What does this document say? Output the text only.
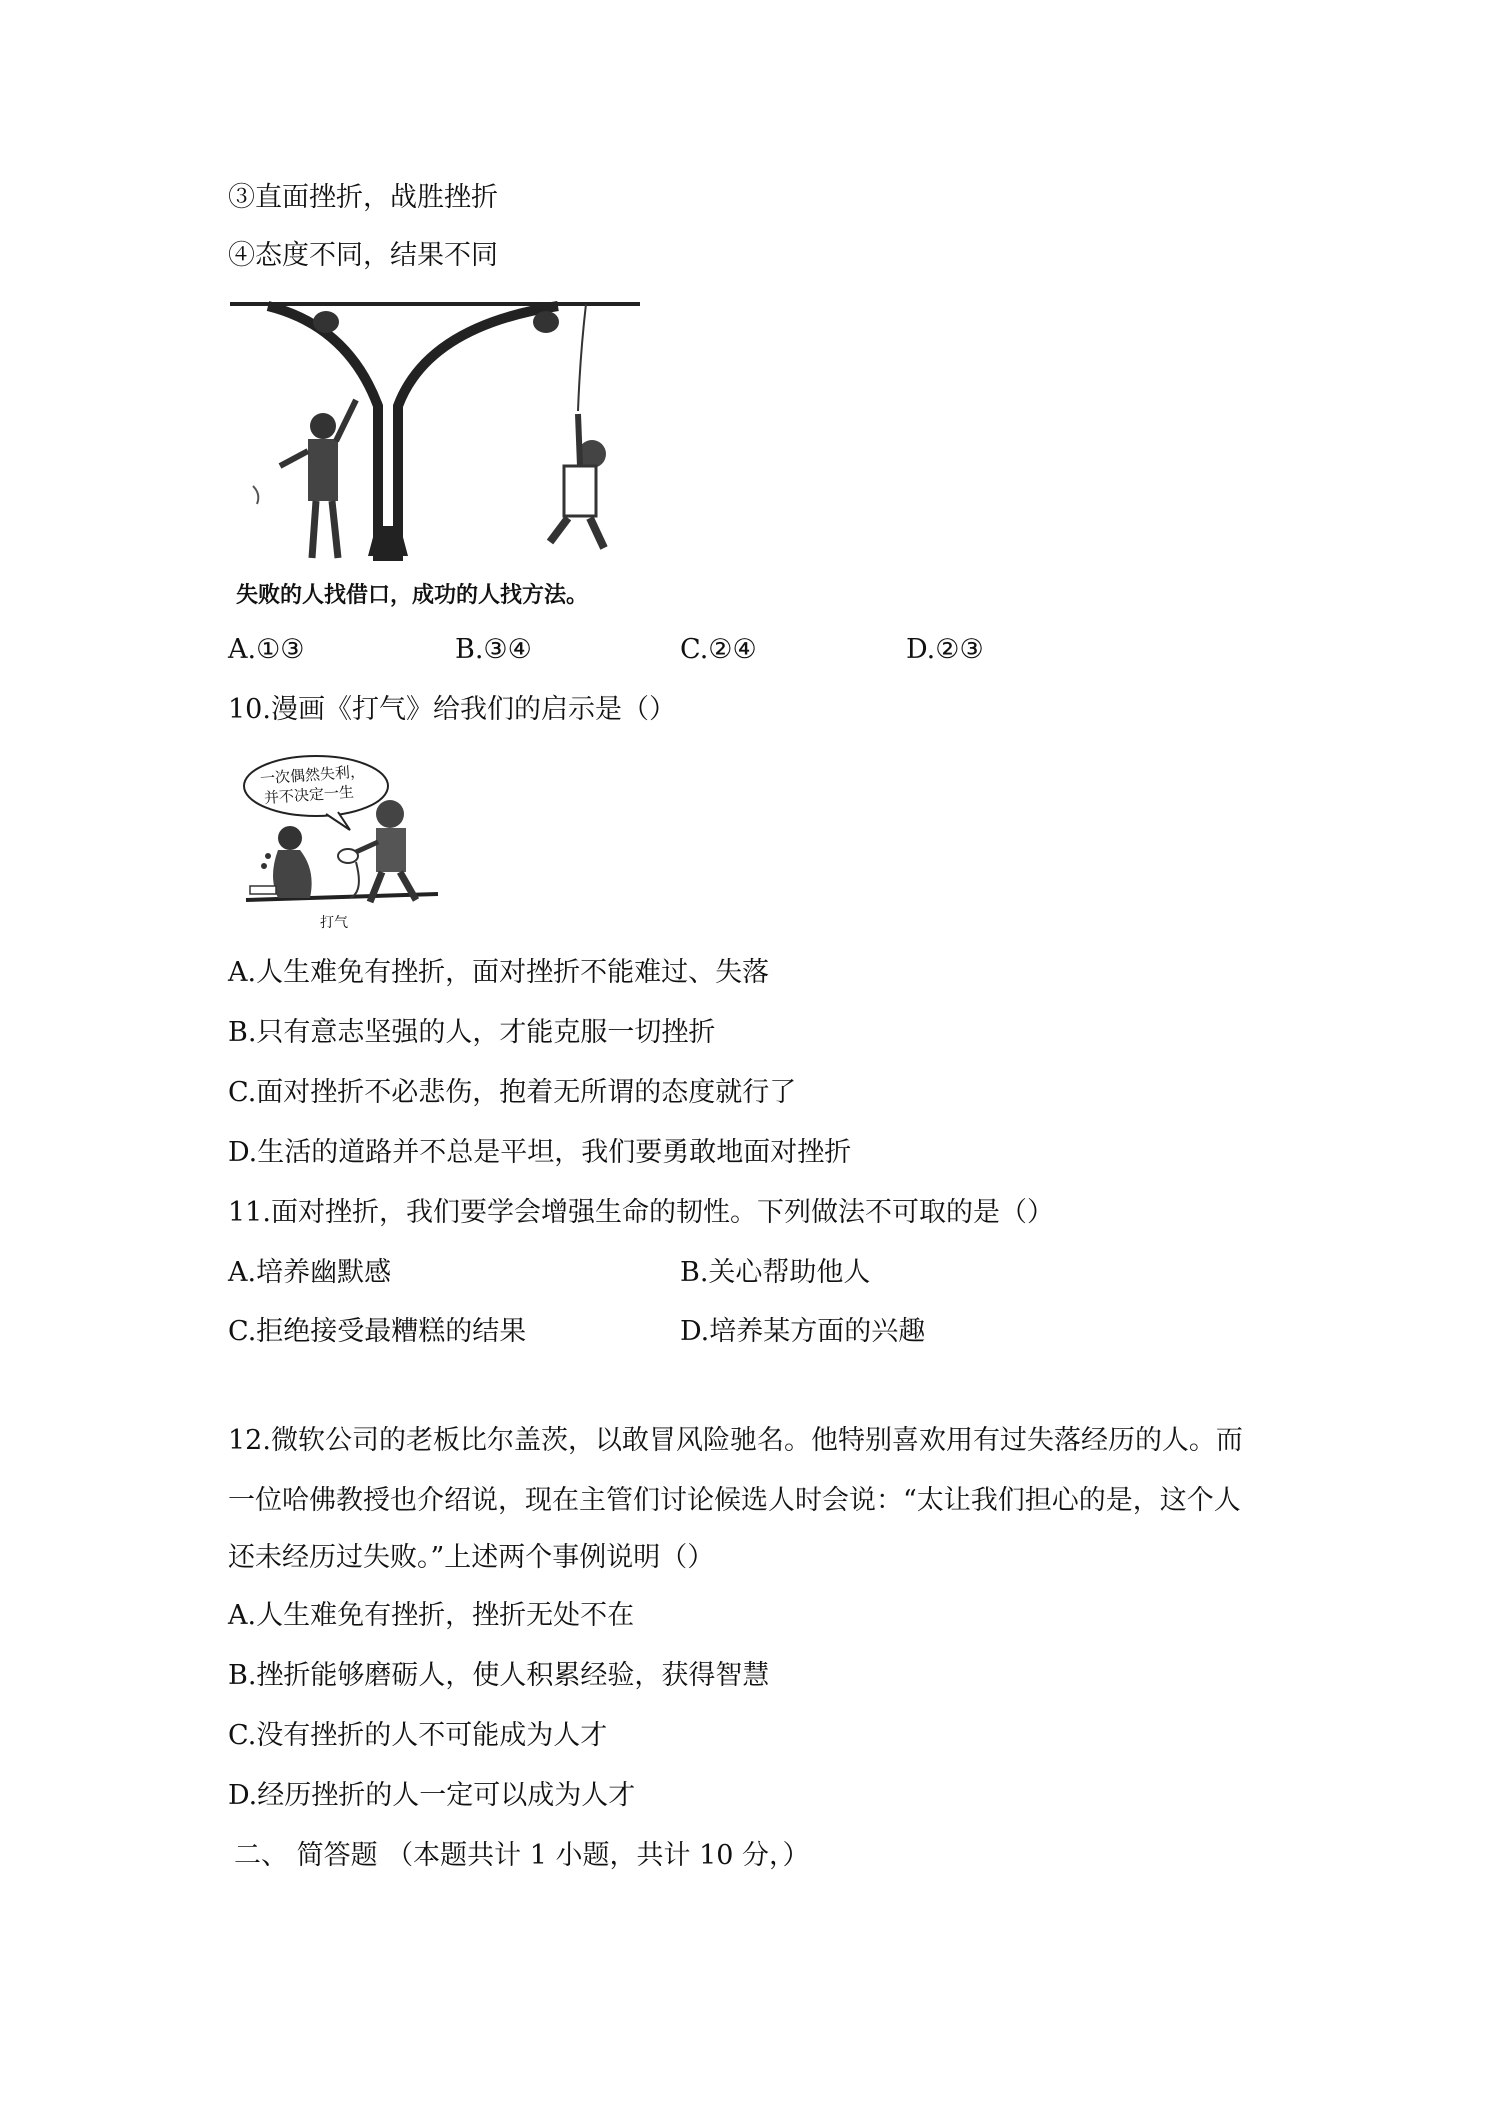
③直面挫折，战胜挫折
④态度不同，结果不同
失败的人找借口，成功的人找方法。
A.①③	B.③④	C.②④	D.②③
10.漫画《打气》给我们的启示是（）
一次偶然失利，
并不决定一生
打气
A.人生难免有挫折，面对挫折不能难过、失落
B.只有意志坚强的人，才能克服一切挫折
C.面对挫折不必悲伤，抱着无所谓的态度就行了
D.生活的道路并不总是平坦，我们要勇敢地面对挫折
11.面对挫折，我们要学会增强生命的韧性。下列做法不可取的是（）
A.培养幽默感	B.关心帮助他人
C.拒绝接受最糟糕的结果	D.培养某方面的兴趣
12.微软公司的老板比尔盖茨，以敢冒风险驰名。他特别喜欢用有过失落经历的人。而
一位哈佛教授也介绍说，现在主管们讨论候选人时会说：“太让我们担心的是，这个人
还未经历过失败。”上述两个事例说明（）
A.人生难免有挫折，挫折无处不在
B.挫折能够磨砺人，使人积累经验，获得智慧
C.没有挫折的人不可能成为人才
D.经历挫折的人一定可以成为人才
二、 简答题 （本题共计 1 小题，共计 10 分，）
